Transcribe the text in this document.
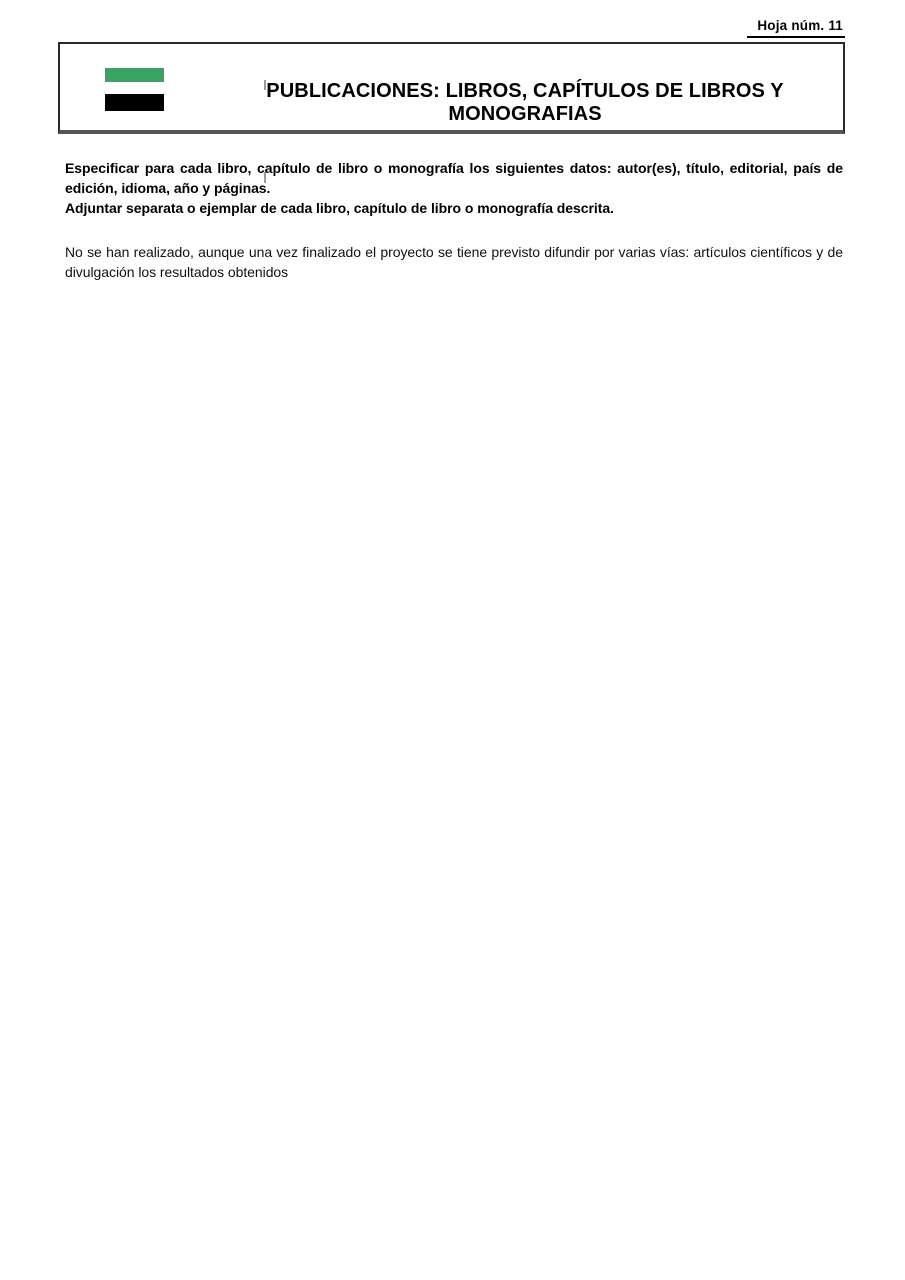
Hoja núm. 11
PUBLICACIONES: LIBROS, CAPÍTULOS DE LIBROS Y MONOGRAFIAS

Especificar para cada libro, capítulo de libro o monografía los siguientes datos: autor(es), título, editorial, país de edición, idioma, año y páginas.

Adjuntar separata o ejemplar de cada libro, capítulo de libro o monografía descrita.

No se han realizado, aunque una vez finalizado el proyecto se tiene previsto difundir por varias vías: artículos científicos y de divulgación los resultados obtenidos
